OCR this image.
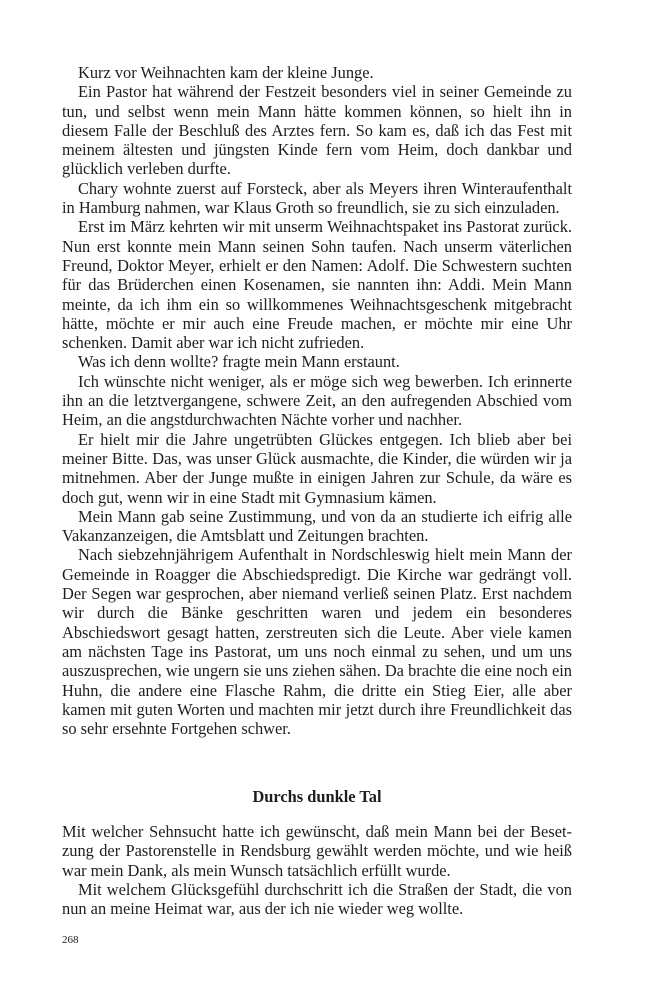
Kurz vor Weihnachten kam der kleine Junge.

Ein Pastor hat während der Festzeit besonders viel in seiner Gemeinde zu tun, und selbst wenn mein Mann hätte kommen können, so hielt ihn in diesem Falle der Beschluß des Arztes fern. So kam es, daß ich das Fest mit meinem ältesten und jüngsten Kinde fern vom Heim, doch dankbar und glücklich verleben durfte.

Chary wohnte zuerst auf Forsteck, aber als Meyers ihren Winteraufenthalt in Hamburg nahmen, war Klaus Groth so freundlich, sie zu sich einzuladen.

Erst im März kehrten wir mit unserm Weihnachtspaket ins Pastorat zurück. Nun erst konnte mein Mann seinen Sohn taufen. Nach unserm väterlichen Freund, Doktor Meyer, erhielt er den Namen: Adolf. Die Schwestern suchten für das Brüderchen einen Kosenamen, sie nannten ihn: Addi. Mein Mann meinte, da ich ihm ein so willkommenes Weihnachtsgeschenk mitgebracht hätte, möchte er mir auch eine Freude machen, er möchte mir eine Uhr schenken. Damit aber war ich nicht zufrieden.

Was ich denn wollte? fragte mein Mann erstaunt.

Ich wünschte nicht weniger, als er möge sich weg bewerben. Ich erinnerte ihn an die letztvergangene, schwere Zeit, an den aufregenden Abschied vom Heim, an die angstdurchwachten Nächte vorher und nachher.

Er hielt mir die Jahre ungetrübten Glückes entgegen. Ich blieb aber bei meiner Bitte. Das, was unser Glück ausmachte, die Kinder, die würden wir ja mitnehmen. Aber der Junge mußte in einigen Jahren zur Schule, da wäre es doch gut, wenn wir in eine Stadt mit Gymnasium kämen.

Mein Mann gab seine Zustimmung, und von da an studierte ich eifrig alle Vakanzanzeigen, die Amtsblatt und Zeitungen brachten.

Nach siebzehnjährigem Aufenthalt in Nordschleswig hielt mein Mann der Gemeinde in Roagger die Abschiedspredigt. Die Kirche war gedrängt voll. Der Segen war gesprochen, aber niemand verließ seinen Platz. Erst nachdem wir durch die Bänke geschritten waren und jedem ein besonderes Abschiedswort gesagt hatten, zerstreuten sich die Leute. Aber viele kamen am nächsten Tage ins Pastorat, um uns noch einmal zu sehen, und um uns auszusprechen, wie ungern sie uns ziehen sähen. Da brachte die eine noch ein Huhn, die andere eine Flasche Rahm, die dritte ein Stieg Eier, alle aber kamen mit guten Worten und machten mir jetzt durch ihre Freundlichkeit das so sehr ersehnte Fortgehen schwer.

Durchs dunkle Tal

Mit welcher Sehnsucht hatte ich gewünscht, daß mein Mann bei der Besetzung der Pastorenstelle in Rendsburg gewählt werden möchte, und wie heiß war mein Dank, als mein Wunsch tatsächlich erfüllt wurde.

Mit welchem Glücksgefühl durchschritt ich die Straßen der Stadt, die von nun an meine Heimat war, aus der ich nie wieder weg wollte.

268
